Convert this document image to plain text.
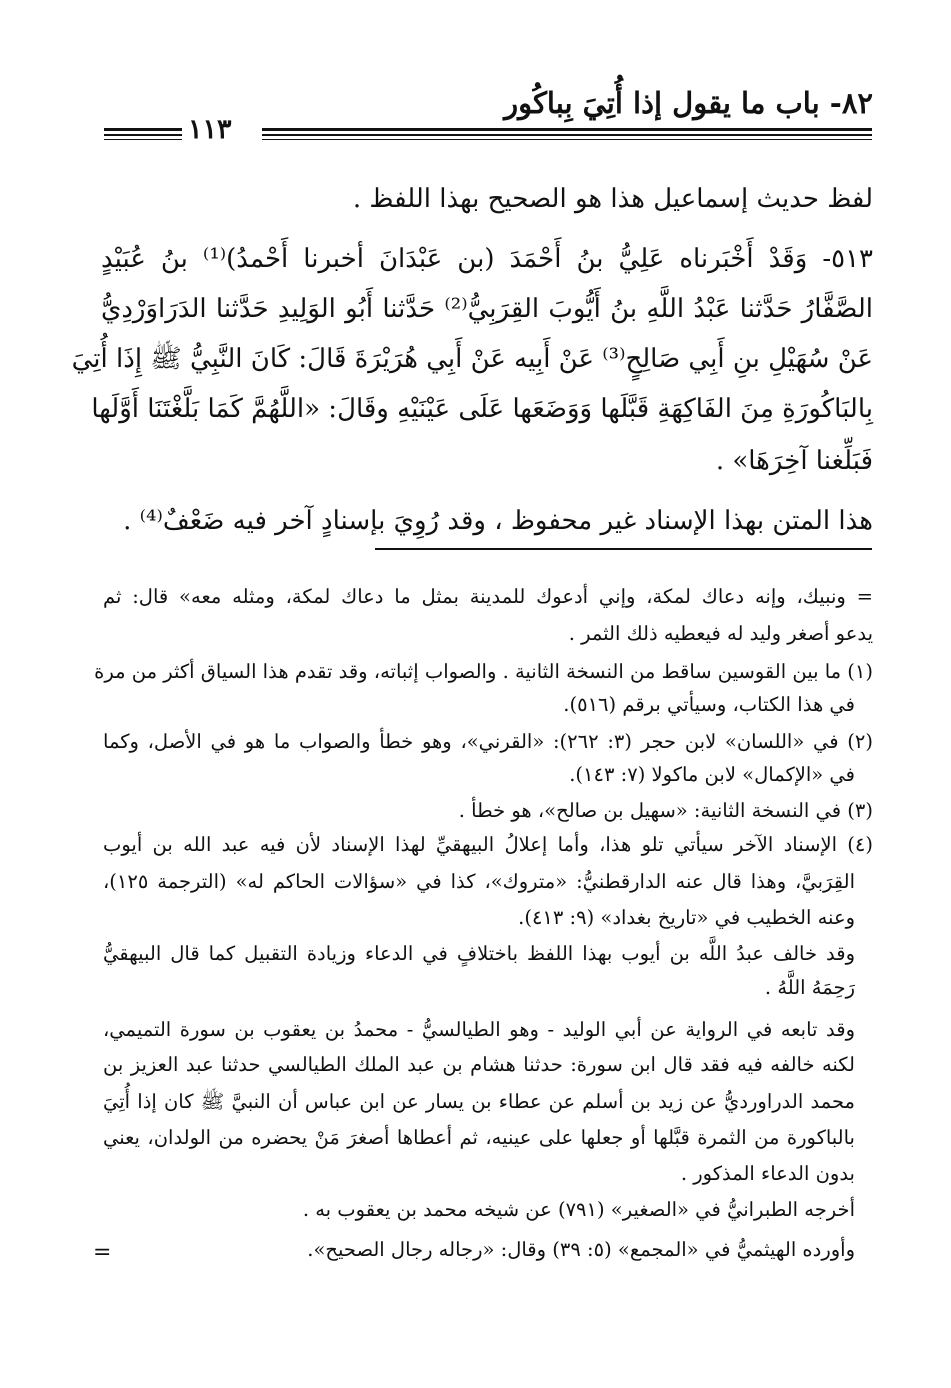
٨٢- باب ما يقول إذا أُتِيَ بِباكُور
١١٣
لفظ حديث إسماعيل هذا هو الصحيح بهذا اللفظ .
٥١٣- وَقَدْ أَخْبَرناه عَلِيُّ بنُ أَحْمَدَ (بن عَبْدَانَ أخبرنا أَحْمدُ)⁽¹⁾ بنُ عُبَيْدٍ
الصَّفَّارُ حَدَّثنا عَبْدُ اللَّهِ بنُ أَيُّوبَ القِرَبِيُّ⁽²⁾ حَدَّثنا أَبُو الوَلِيدِ حَدَّثنا الدَرَاوَرْدِيُّ
عَنْ سُهَيْلِ بنِ أَبِي صَالِحٍ⁽³⁾ عَنْ أَبِيه عَنْ أَبِي هُرَيْرَةَ قَالَ: كَانَ النَّبِيُّ ﷺ إِذَا أُتِيَ
بِالبَاكُورَةِ مِنَ الفَاكِهَةِ قَبَّلَها وَوَضَعَها عَلَى عَيْنَيْهِ وقَالَ: «اللَّهُمَّ كَمَا بَلَّغْتَنَا أَوَّلَها
فَبَلِّغنا آخِرَهَا» .
هذا المتن بهذا الإسناد غير محفوظ ، وقد رُوِيَ بإسنادٍ آخر فيه ضَعْفٌ⁽⁴⁾ .
= ونبيك، وإنه دعاك لمكة، وإني أدعوك للمدينة بمثل ما دعاك لمكة، ومثله معه» قال: ثم
يدعو أصغر وليد له فيعطيه ذلك الثمر .
(١) ما بين القوسين ساقط من النسخة الثانية . والصواب إثباته، وقد تقدم هذا السياق أكثر من مرة
في هذا الكتاب، وسيأتي برقم (٥١٦).
(٢) في «اللسان» لابن حجر (٣: ٢٦٢): «القرني»، وهو خطأ والصواب ما هو في الأصل، وكما
في «الإكمال» لابن ماكولا (٧: ١٤٣).
(٣) في النسخة الثانية: «سهيل بن صالح»، هو خطأ .
(٤) الإسناد الآخر سيأتي تلو هذا، وأما إعلالُ البيهقيِّ لهذا الإسناد لأن فيه عبد الله بن أيوب
القِرَبيَّ، وهذا قال عنه الدارقطنيُّ: «متروك»، كذا في «سؤالات الحاكم له» (الترجمة ١٢٥)،
وعنه الخطيب في «تاريخ بغداد» (٩: ٤١٣).
وقد خالف عبدُ اللَّه بن أيوب بهذا اللفظ باختلافٍ في الدعاء وزيادة التقبيل كما قال البيهقيُّ
رَحِمَهُ اللَّهُ .
وقد تابعه في الرواية عن أبي الوليد - وهو الطيالسيُّ - محمدُ بن يعقوب بن سورة التميمي،
لكنه خالفه فيه فقد قال ابن سورة: حدثنا هشام بن عبد الملك الطيالسي حدثنا عبد العزيز بن
محمد الدراورديُّ عن زيد بن أسلم عن عطاء بن يسار عن ابن عباس أن النبيَّ ﷺ كان إذا أُتِيَ
بالباكورة من الثمرة قبَّلها أو جعلها على عينيه، ثم أعطاها أصغرَ مَنْ يحضره من الولدان، يعني
بدون الدعاء المذكور .
أخرجه الطبرانيُّ في «الصغير» (٧٩١) عن شيخه محمد بن يعقوب به .
وأورده الهيثميُّ في «المجمع» (٥: ٣٩) وقال: «رجاله رجال الصحيح».
=
